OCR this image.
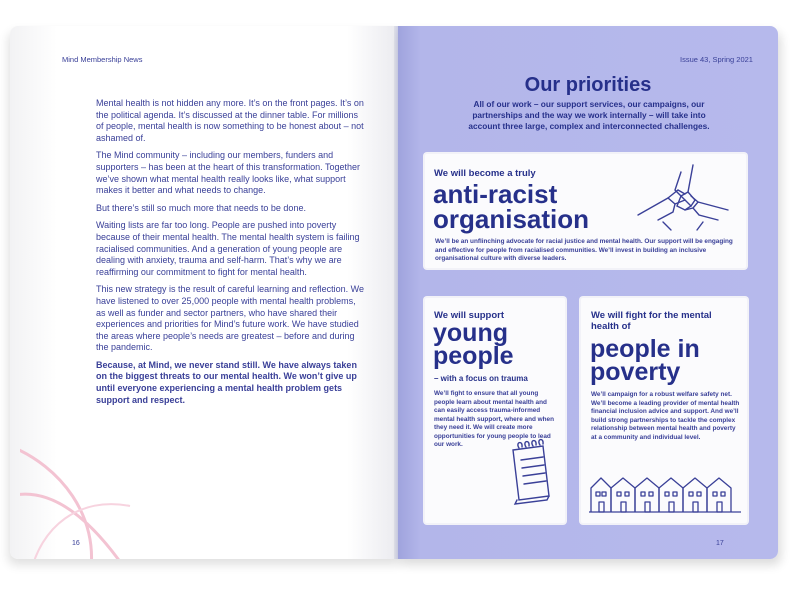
Mind Membership News

Mental health is not hidden any more. It’s on the front pages. It’s on the political agenda. It’s discussed at the dinner table. For millions of people, mental health is now something to be honest about – not ashamed of.

The Mind community – including our members, funders and supporters – has been at the heart of this transformation. Together we’ve shown what mental health really looks like, what support makes it better and what needs to change.

But there’s still so much more that needs to be done.

Waiting lists are far too long. People are pushed into poverty because of their mental health. The mental health system is failing racialised communities. And a generation of young people are dealing with anxiety, trauma and self-harm. That’s why we are reaffirming our commitment to fight for mental health.

This new strategy is the result of careful learning and reflection. We have listened to over 25,000 people with mental health problems, as well as funder and sector partners, who have shared their experiences and priorities for Mind’s future work. We have studied the areas where people’s needs are greatest – before and during the pandemic.

Because, at Mind, we never stand still. We have always taken on the biggest threats to our mental health. We won’t give up until everyone experiencing a mental health problem gets support and respect.

16
Issue 43, Spring 2021
Our priorities
All of our work – our support services, our campaigns, our partnerships and the way we work internally – will take into account three large, complex and interconnected challenges.
We will become a truly
anti-racist
organisation
We’ll be an unflinching advocate for racial justice and mental health. Our support will be engaging and effective for people from racialised communities. We’ll invest in building an inclusive organisational culture with diverse leaders.
We will support
young
people
– with a focus on trauma
We’ll fight to ensure that all young people learn about mental health and can easily access trauma-informed mental health support, where and when they need it. We will create more opportunities for young people to lead our work.
We will fight for the mental health of
people in
poverty
We’ll campaign for a robust welfare safety net. We’ll become a leading provider of mental health financial inclusion advice and support. And we’ll build strong partnerships to tackle the complex relationship between mental health and poverty at a community and individual level.
17
